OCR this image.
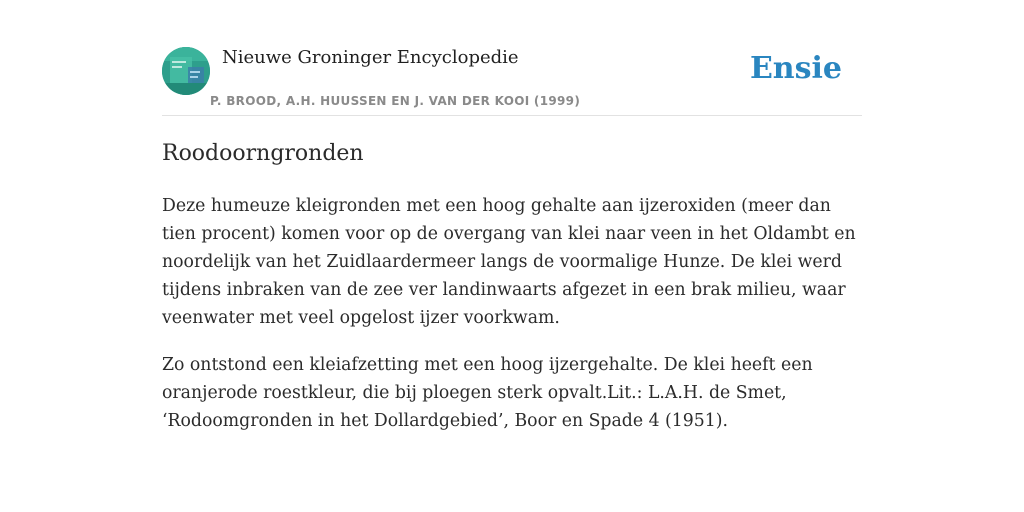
Nieuwe Groninger Encyclopedie
P. BROOD, A.H. HUUSSEN EN J. VAN DER KOOI (1999)
Ensie
Roodoorngronden

Deze humeuze kleigronden met een hoog gehalte aan ijzeroxiden (meer dan tien procent) komen voor op de overgang van klei naar veen in het Oldambt en noordelijk van het Zuidlaardermeer langs de voormalige Hunze. De klei werd tijdens inbraken van de zee ver landinwaarts afgezet in een brak milieu, waar veenwater met veel opgelost ijzer voorkwam.

Zo ontstond een kleiafzetting met een hoog ijzergehalte. De klei heeft een oranjerode roestkleur, die bij ploegen sterk opvalt.Lit.: L.A.H. de Smet, ‘Rodoomgronden in het Dollardgebied’, Boor en Spade 4 (1951).
